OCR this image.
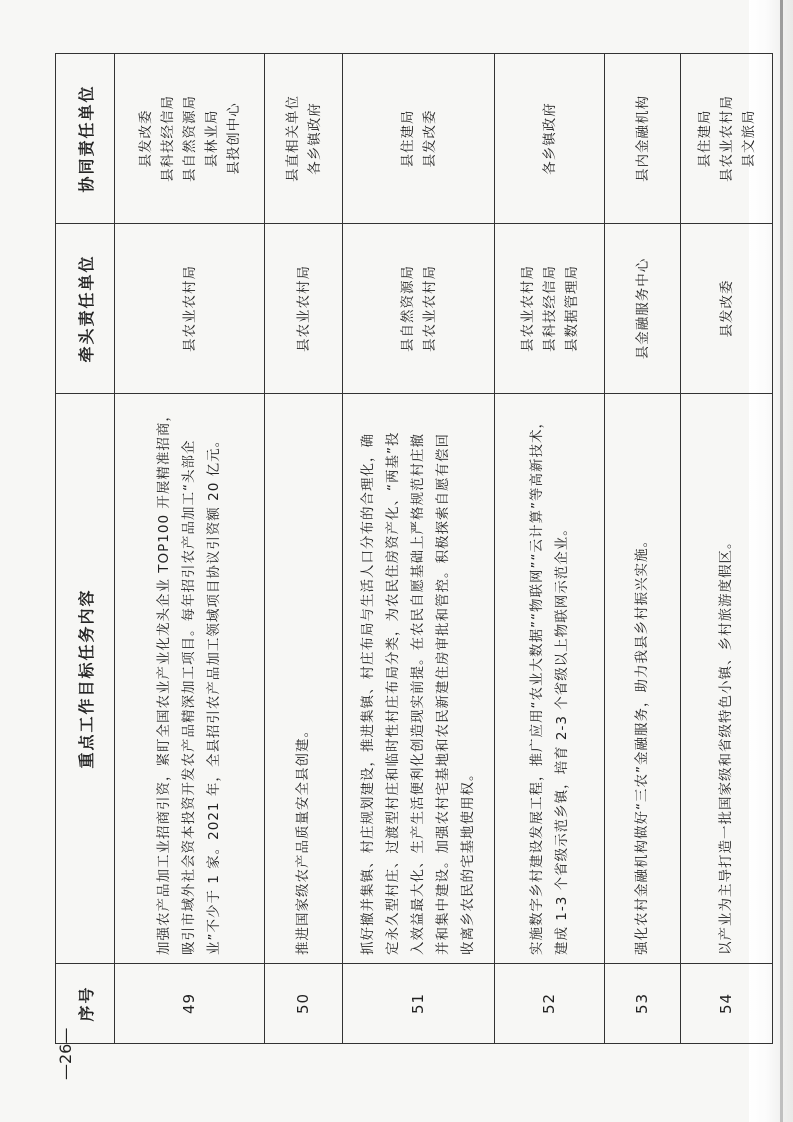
序号	重点工作目标任务内容	牵头责任单位	协同责任单位
49	加强农产品加工业招商引资，紧盯全国农业产业化龙头企业 TOP100 开展精准招商， 吸引市域外社会资本投资开发农产品精深加工项目。每年招引农产品加工“头部企 业”不少于 1 家。2021 年，全县招引农产品加工领域项目协议引资额 20 亿元。	县农业农村局	县发改委 县科技经信局 县自然资源局 县林业局 县投创中心

50	推进国家级农产品质量安全县创建。	县农业农村局	县直相关单位 各乡镇政府

51	抓好撤并集镇、村庄规划建设，推进集镇、村庄布局与生活人口分布的合理化，确 定永久型村庄、过渡型村庄和临时性村庄布局分类，为农民住房资产化、“两基”投 入效益最大化、生产生活便利化创造现实前提。在农民自愿基础上严格规范村庄撤 并和集中建设。加强农村宅基地和农民新建住房审批和管控。积极探索自愿有偿回 收离乡农民的宅基地使用权。	县自然资源局 县农业农村局	县住建局 县发改委

52	实施数字乡村建设发展工程，推广应用“农业大数据”“物联网”“云计算”等高新技术， 建成 1-3 个省级示范乡镇，培育 2-3 个省级以上物联网示范企业。	县农业农村局 县科技经信局 县数据管理局	各乡镇政府

53	强化农村金融机构做好“三农”金融服务，助力我县乡村振兴实施。	县金融服务中心	县内金融机构

54	以产业为主导打造一批国家级和省级特色小镇、乡村旅游度假区。	县发改委	县住建局 县农业农村局 县文旅局
—26—
